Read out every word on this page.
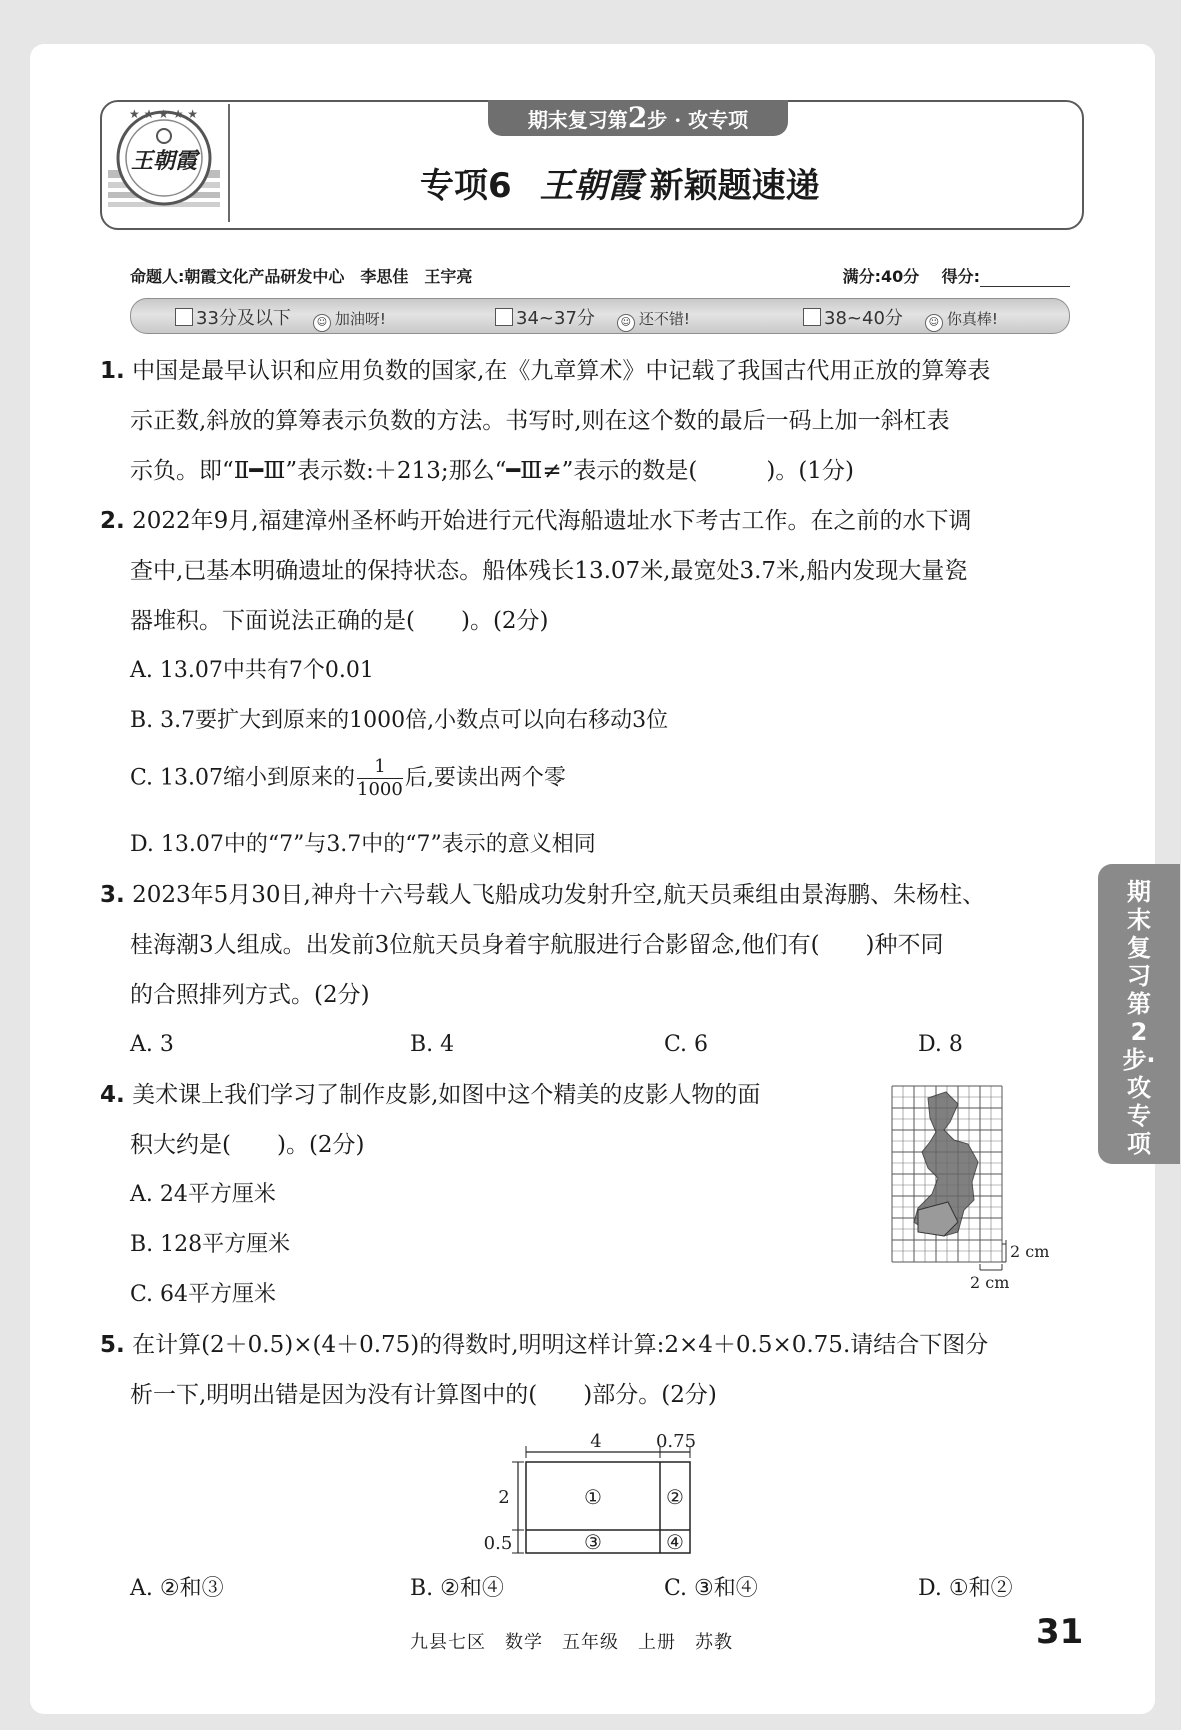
★ ★ ★ ★ ★
王朝霞
期末复习第2步 · 攻专项
专项6 王朝霞 新颖题速递
命题人:朝霞文化产品研发中心　李思佳　王宇亮	满分:40分 得分:
33分及以下	☺ 加油呀!	34~37分	☺ 还不错!	38~40分	☺ 你真棒!
1. 中国是最早认识和应用负数的国家,在《九章算术》中记载了我国古代用正放的算筹表
示正数,斜放的算筹表示负数的方法。书写时,则在这个数的最后一码上加一斜杠表
示负。即“Ⅱ━Ⅲ”表示数:＋213;那么“━Ⅲ≠”表示的数是(　　　)。(1分)
2. 2022年9月,福建漳州圣杯屿开始进行元代海船遗址水下考古工作。在之前的水下调
查中,已基本明确遗址的保持状态。船体残长13.07米,最宽处3.7米,船内发现大量瓷
器堆积。下面说法正确的是(　　)。(2分)
A. 13.07中共有7个0.01
B. 3.7要扩大到原来的1000倍,小数点可以向右移动3位
C. 13.07缩小到原来的 $\frac{1}{1000}$ 后,要读出两个零
D. 13.07中的“7”与3.7中的“7”表示的意义相同
3. 2023年5月30日,神舟十六号载人飞船成功发射升空,航天员乘组由景海鹏、朱杨柱、
桂海潮3人组成。出发前3位航天员身着宇航服进行合影留念,他们有(　　)种不同
的合照排列方式。(2分)
A. 3	B. 4	C. 6	D. 8
4. 美术课上我们学习了制作皮影,如图中这个精美的皮影人物的面
积大约是(　　)。(2分)
A. 24平方厘米
B. 128平方厘米
C. 64平方厘米
2 cm
2 cm
5. 在计算(2＋0.5)×(4＋0.75)的得数时,明明这样计算:2×4＋0.5×0.75.请结合下图分
析一下,明明出错是因为没有计算图中的(　　)部分。(2分)
4	0.75
2
0.5
①	②
③	④
A. ②和③	B. ②和④	C. ③和④	D. ①和②
期末复习第2步·攻专项
九县七区　数学　五年级　上册　苏教	31
